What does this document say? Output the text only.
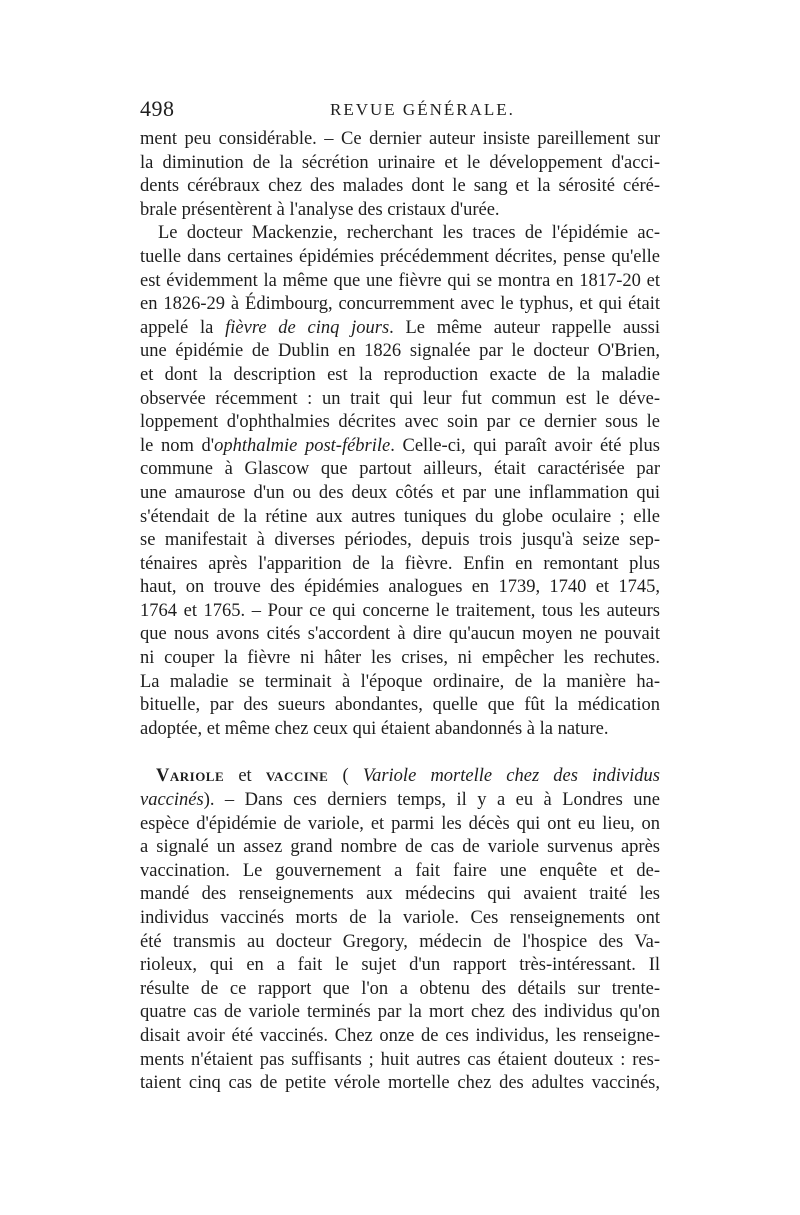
498	REVUE GÉNÉRALE.
ment peu considérable. – Ce dernier auteur insiste pareillement sur
la diminution de la sécrétion urinaire et le développement d'acci-
dents cérébraux chez des malades dont le sang et la sérosité céré-
brale présentèrent à l'analyse des cristaux d'urée.
Le docteur Mackenzie, recherchant les traces de l'épidémie ac-
tuelle dans certaines épidémies précédemment décrites, pense qu'elle
est évidemment la même que une fièvre qui se montra en 1817-20 et
en 1826-29 à Édimbourg, concurremment avec le typhus, et qui était
appelé la fièvre de cinq jours. Le même auteur rappelle aussi
une épidémie de Dublin en 1826 signalée par le docteur O'Brien,
et dont la description est la reproduction exacte de la maladie
observée récemment : un trait qui leur fut commun est le déve-
loppement d'ophthalmies décrites avec soin par ce dernier sous le
le nom d'ophthalmie post-fébrile. Celle-ci, qui paraît avoir été plus
commune à Glascow que partout ailleurs, était caractérisée par
une amaurose d'un ou des deux côtés et par une inflammation qui
s'étendait de la rétine aux autres tuniques du globe oculaire ; elle
se manifestait à diverses périodes, depuis trois jusqu'à seize sep-
ténaires après l'apparition de la fièvre. Enfin en remontant plus
haut, on trouve des épidémies analogues en 1739, 1740 et 1745,
1764 et 1765. – Pour ce qui concerne le traitement, tous les auteurs
que nous avons cités s'accordent à dire qu'aucun moyen ne pouvait
ni couper la fièvre ni hâter les crises, ni empêcher les rechutes.
La maladie se terminait à l'époque ordinaire, de la manière ha-
bituelle, par des sueurs abondantes, quelle que fût la médication
adoptée, et même chez ceux qui étaient abandonnés à la nature.
Variole et vaccine ( Variole mortelle chez des individus
vaccinés). – Dans ces derniers temps, il y a eu à Londres une
espèce d'épidémie de variole, et parmi les décès qui ont eu lieu, on
a signalé un assez grand nombre de cas de variole survenus après
vaccination. Le gouvernement a fait faire une enquête et de-
mandé des renseignements aux médecins qui avaient traité les
individus vaccinés morts de la variole. Ces renseignements ont
été transmis au docteur Gregory, médecin de l'hospice des Va-
rioleux, qui en a fait le sujet d'un rapport très-intéressant. Il
résulte de ce rapport que l'on a obtenu des détails sur trente-
quatre cas de variole terminés par la mort chez des individus qu'on
disait avoir été vaccinés. Chez onze de ces individus, les renseigne-
ments n'étaient pas suffisants ; huit autres cas étaient douteux : res-
taient cinq cas de petite vérole mortelle chez des adultes vaccinés,
